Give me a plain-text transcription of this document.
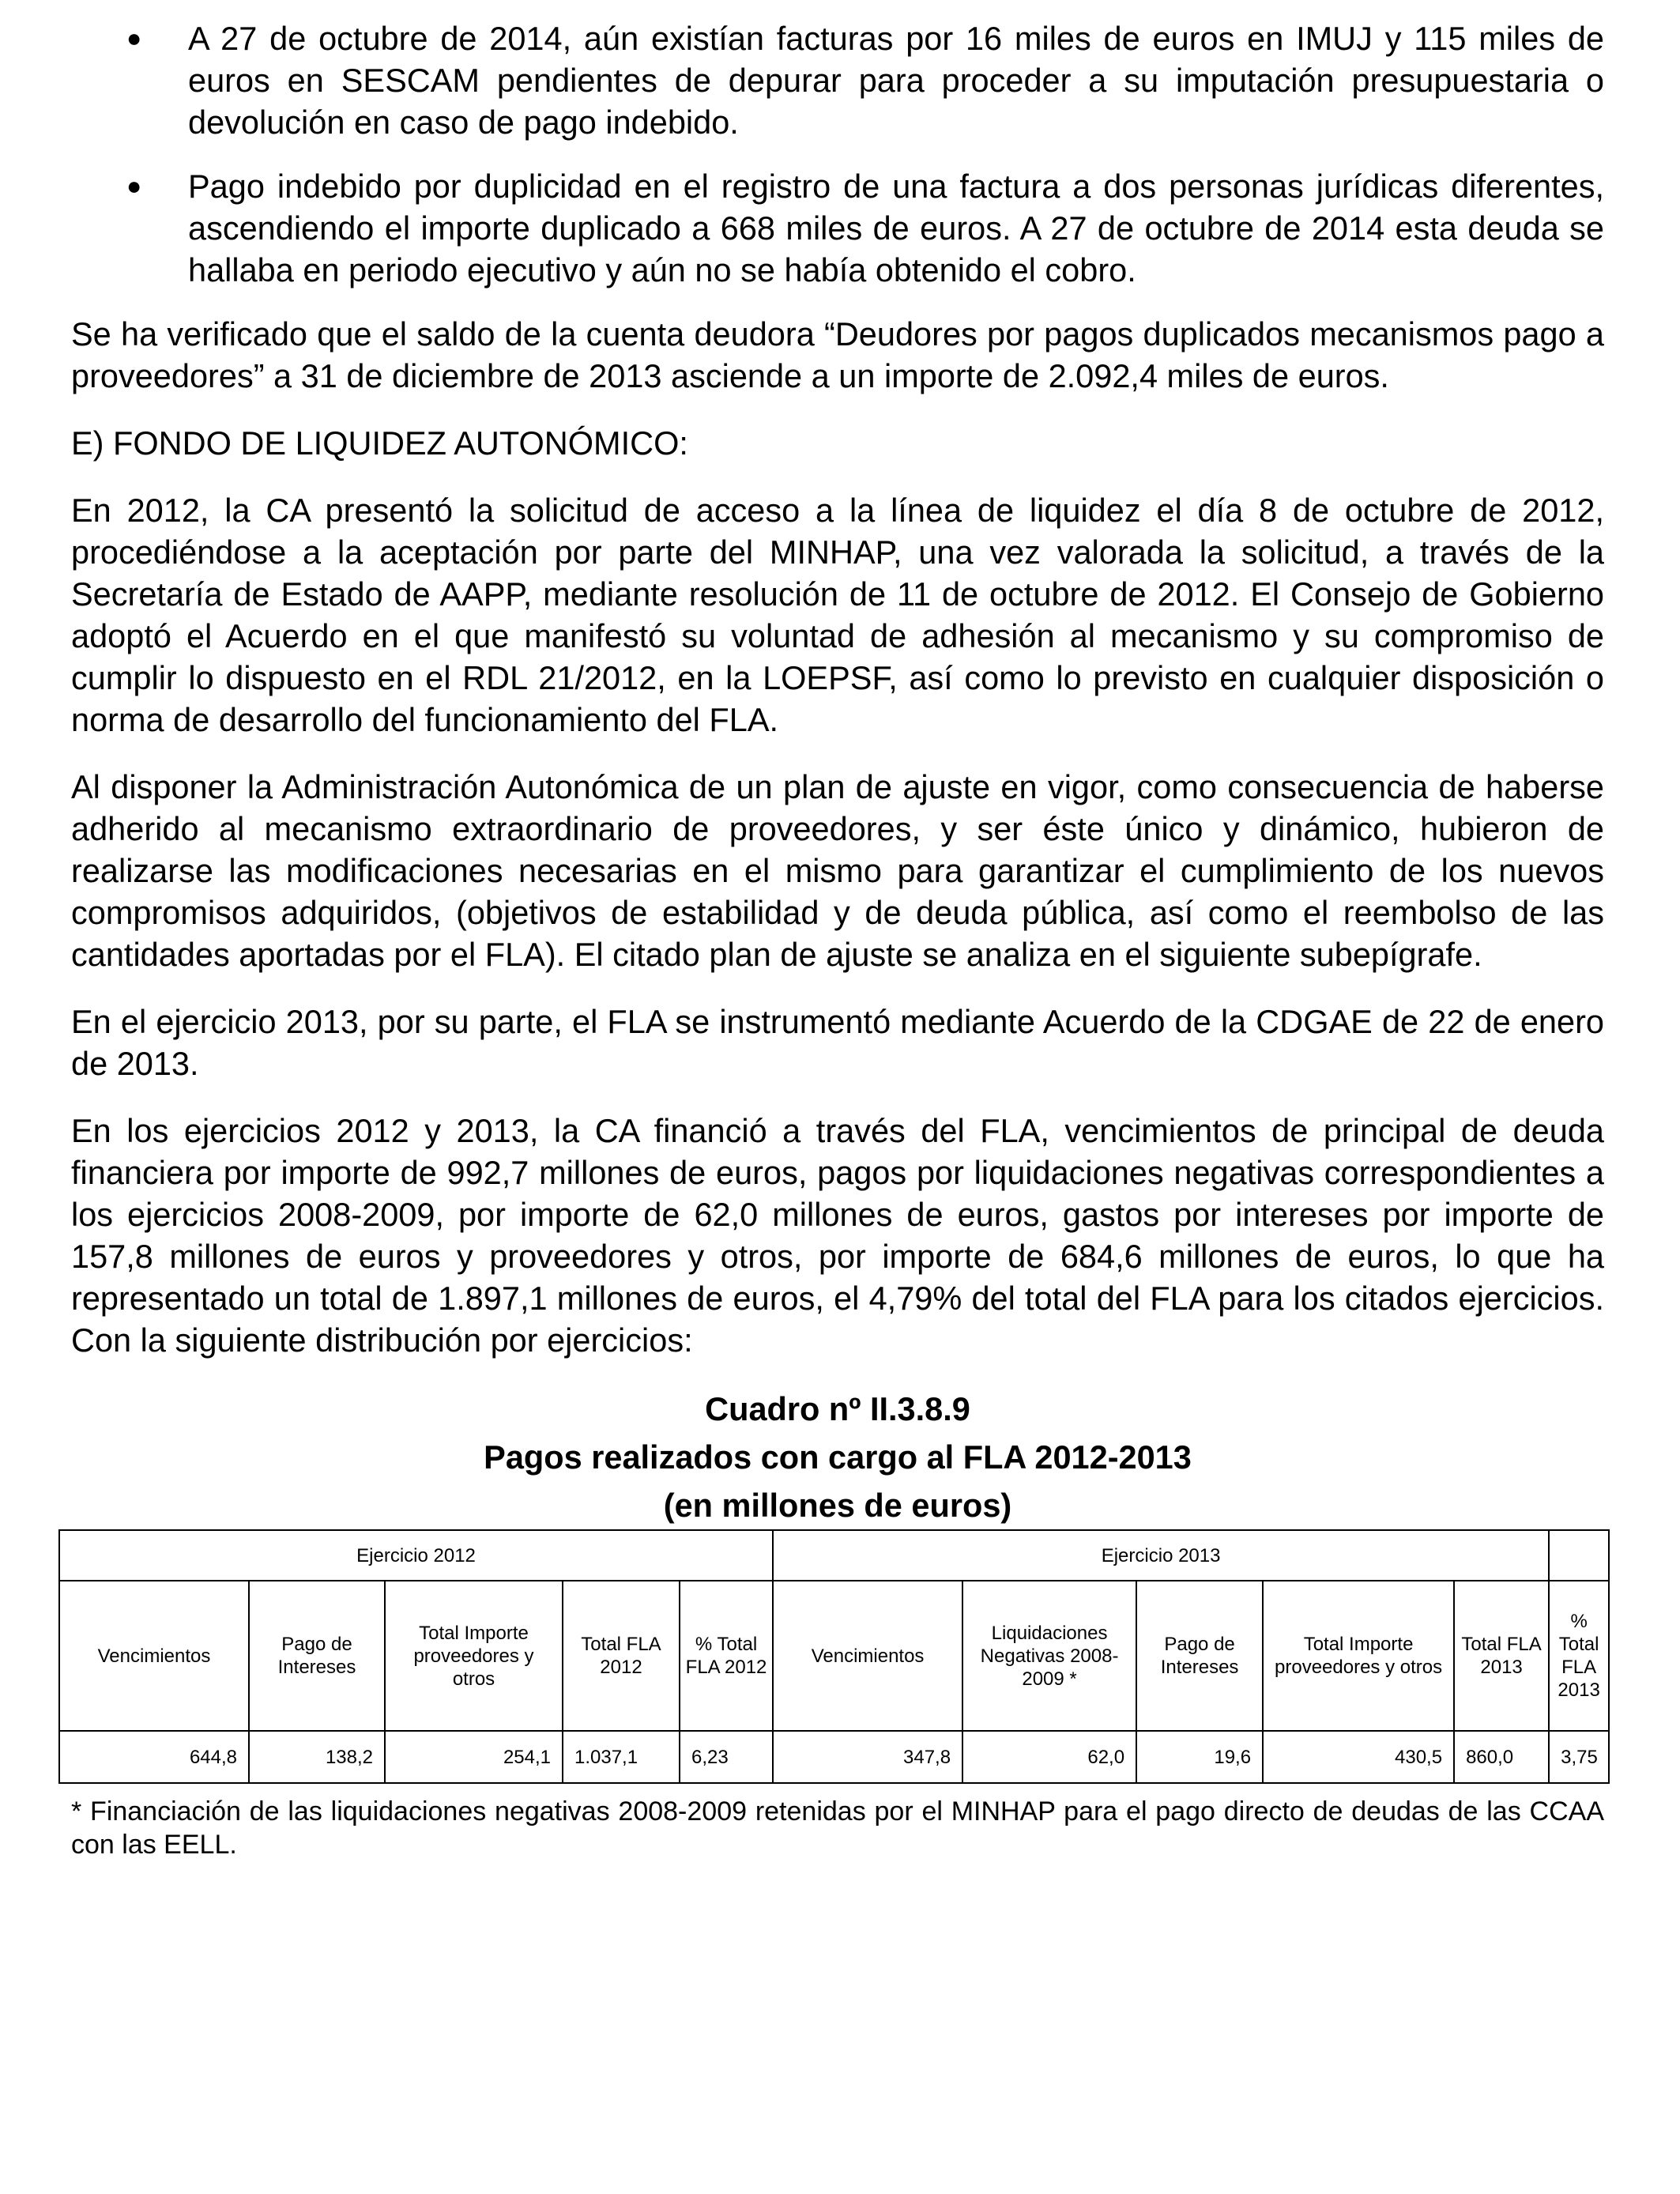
● A 27 de octubre de 2014, aún existían facturas por 16 miles de euros en IMUJ y 115 miles de euros en SESCAM pendientes de depurar para proceder a su imputación presupuestaria o devolución en caso de pago indebido.
● Pago indebido por duplicidad en el registro de una factura a dos personas jurídicas diferentes, ascendiendo el importe duplicado a 668 miles de euros. A 27 de octubre de 2014 esta deuda se hallaba en periodo ejecutivo y aún no se había obtenido el cobro.

Se ha verificado que el saldo de la cuenta deudora “Deudores por pagos duplicados mecanismos pago a proveedores” a 31 de diciembre de 2013 asciende a un importe de 2.092,4 miles de euros.

E) FONDO DE LIQUIDEZ AUTONÓMICO:

En 2012, la CA presentó la solicitud de acceso a la línea de liquidez el día 8 de octubre de 2012, procediéndose a la aceptación por parte del MINHAP, una vez valorada la solicitud, a través de la Secretaría de Estado de AAPP, mediante resolución de 11 de octubre de 2012. El Consejo de Gobierno adoptó el Acuerdo en el que manifestó su voluntad de adhesión al mecanismo y su compromiso de cumplir lo dispuesto en el RDL 21/2012, en la LOEPSF, así como lo previsto en cualquier disposición o norma de desarrollo del funcionamiento del FLA.

Al disponer la Administración Autonómica de un plan de ajuste en vigor, como consecuencia de haberse adherido al mecanismo extraordinario de proveedores, y ser éste único y dinámico, hubieron de realizarse las modificaciones necesarias en el mismo para garantizar el cumplimiento de los nuevos compromisos adquiridos, (objetivos de estabilidad y de deuda pública, así como el reembolso de las cantidades aportadas por el FLA). El citado plan de ajuste se analiza en el siguiente subepígrafe.

En el ejercicio 2013, por su parte, el FLA se instrumentó mediante Acuerdo de la CDGAE de 22 de enero de 2013.

En los ejercicios 2012 y 2013, la CA financió a través del FLA, vencimientos de principal de deuda financiera por importe de 992,7 millones de euros, pagos por liquidaciones negativas correspondientes a los ejercicios 2008-2009, por importe de 62,0 millones de euros, gastos por intereses por importe de 157,8 millones de euros y proveedores y otros, por importe de 684,6 millones de euros, lo que ha representado un total de 1.897,1 millones de euros, el 4,79% del total del FLA para los citados ejercicios. Con la siguiente distribución por ejercicios:

Cuadro nº II.3.8.9
Pagos realizados con cargo al FLA 2012-2013
(en millones de euros)
Ejercicio 2012					Ejercicio 2013					
Vencimientos	Pago de Intereses	Total Importe proveedores y otros	Total FLA 2012	% Total FLA 2012	Vencimientos	Liquidaciones Negativas 2008-2009 *	Pago de Intereses	Total Importe proveedores y otros	Total FLA 2013	% Total FLA 2013
644,8	138,2	254,1	1.037,1	6,23	347,8	62,0	19,6	430,5	860,0	3,75

* Financiación de las liquidaciones negativas 2008-2009 retenidas por el MINHAP para el pago directo de deudas de las CCAA con las EELL.
